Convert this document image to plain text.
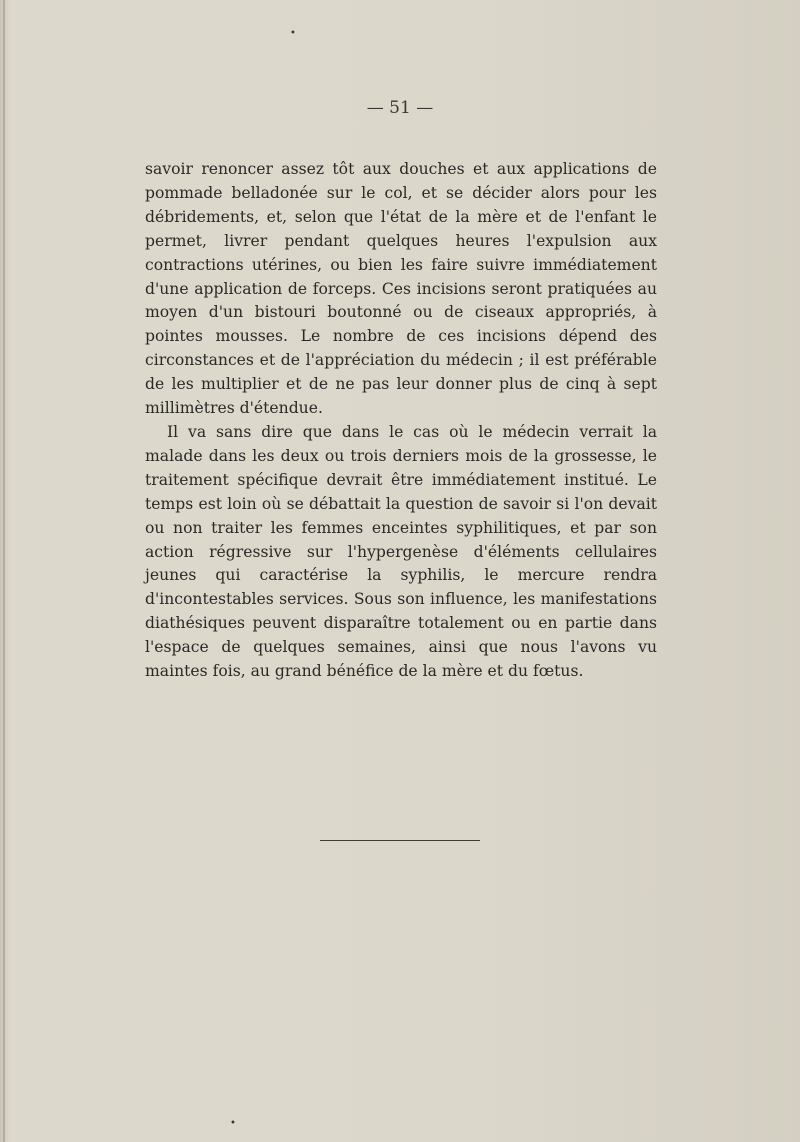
— 51 —

savoir renoncer assez tôt aux douches et aux applications de pommade belladonée sur le col, et se décider alors pour les débridements, et, selon que l'état de la mère et de l'enfant le permet, livrer pendant quelques heures l'expulsion aux contractions utérines, ou bien les faire suivre immédiatement d'une application de forceps. Ces incisions seront pratiquées au moyen d'un bistouri boutonné ou de ciseaux appropriés, à pointes mousses. Le nombre de ces incisions dépend des circonstances et de l'appréciation du médecin ; il est préférable de les multiplier et de ne pas leur donner plus de cinq à sept millimètres d'étendue.

Il va sans dire que dans le cas où le médecin verrait la malade dans les deux ou trois derniers mois de la grossesse, le traitement spécifique devrait être immédiatement institué. Le temps est loin où se débattait la question de savoir si l'on devait ou non traiter les femmes enceintes syphilitiques, et par son action régressive sur l'hypergenèse d'éléments cellulaires jeunes qui caractérise la syphilis, le mercure rendra d'incontestables services. Sous son influence, les manifestations diathésiques peuvent disparaître totalement ou en partie dans l'espace de quelques semaines, ainsi que nous l'avons vu maintes fois, au grand bénéfice de la mère et du fœtus.

•
•
